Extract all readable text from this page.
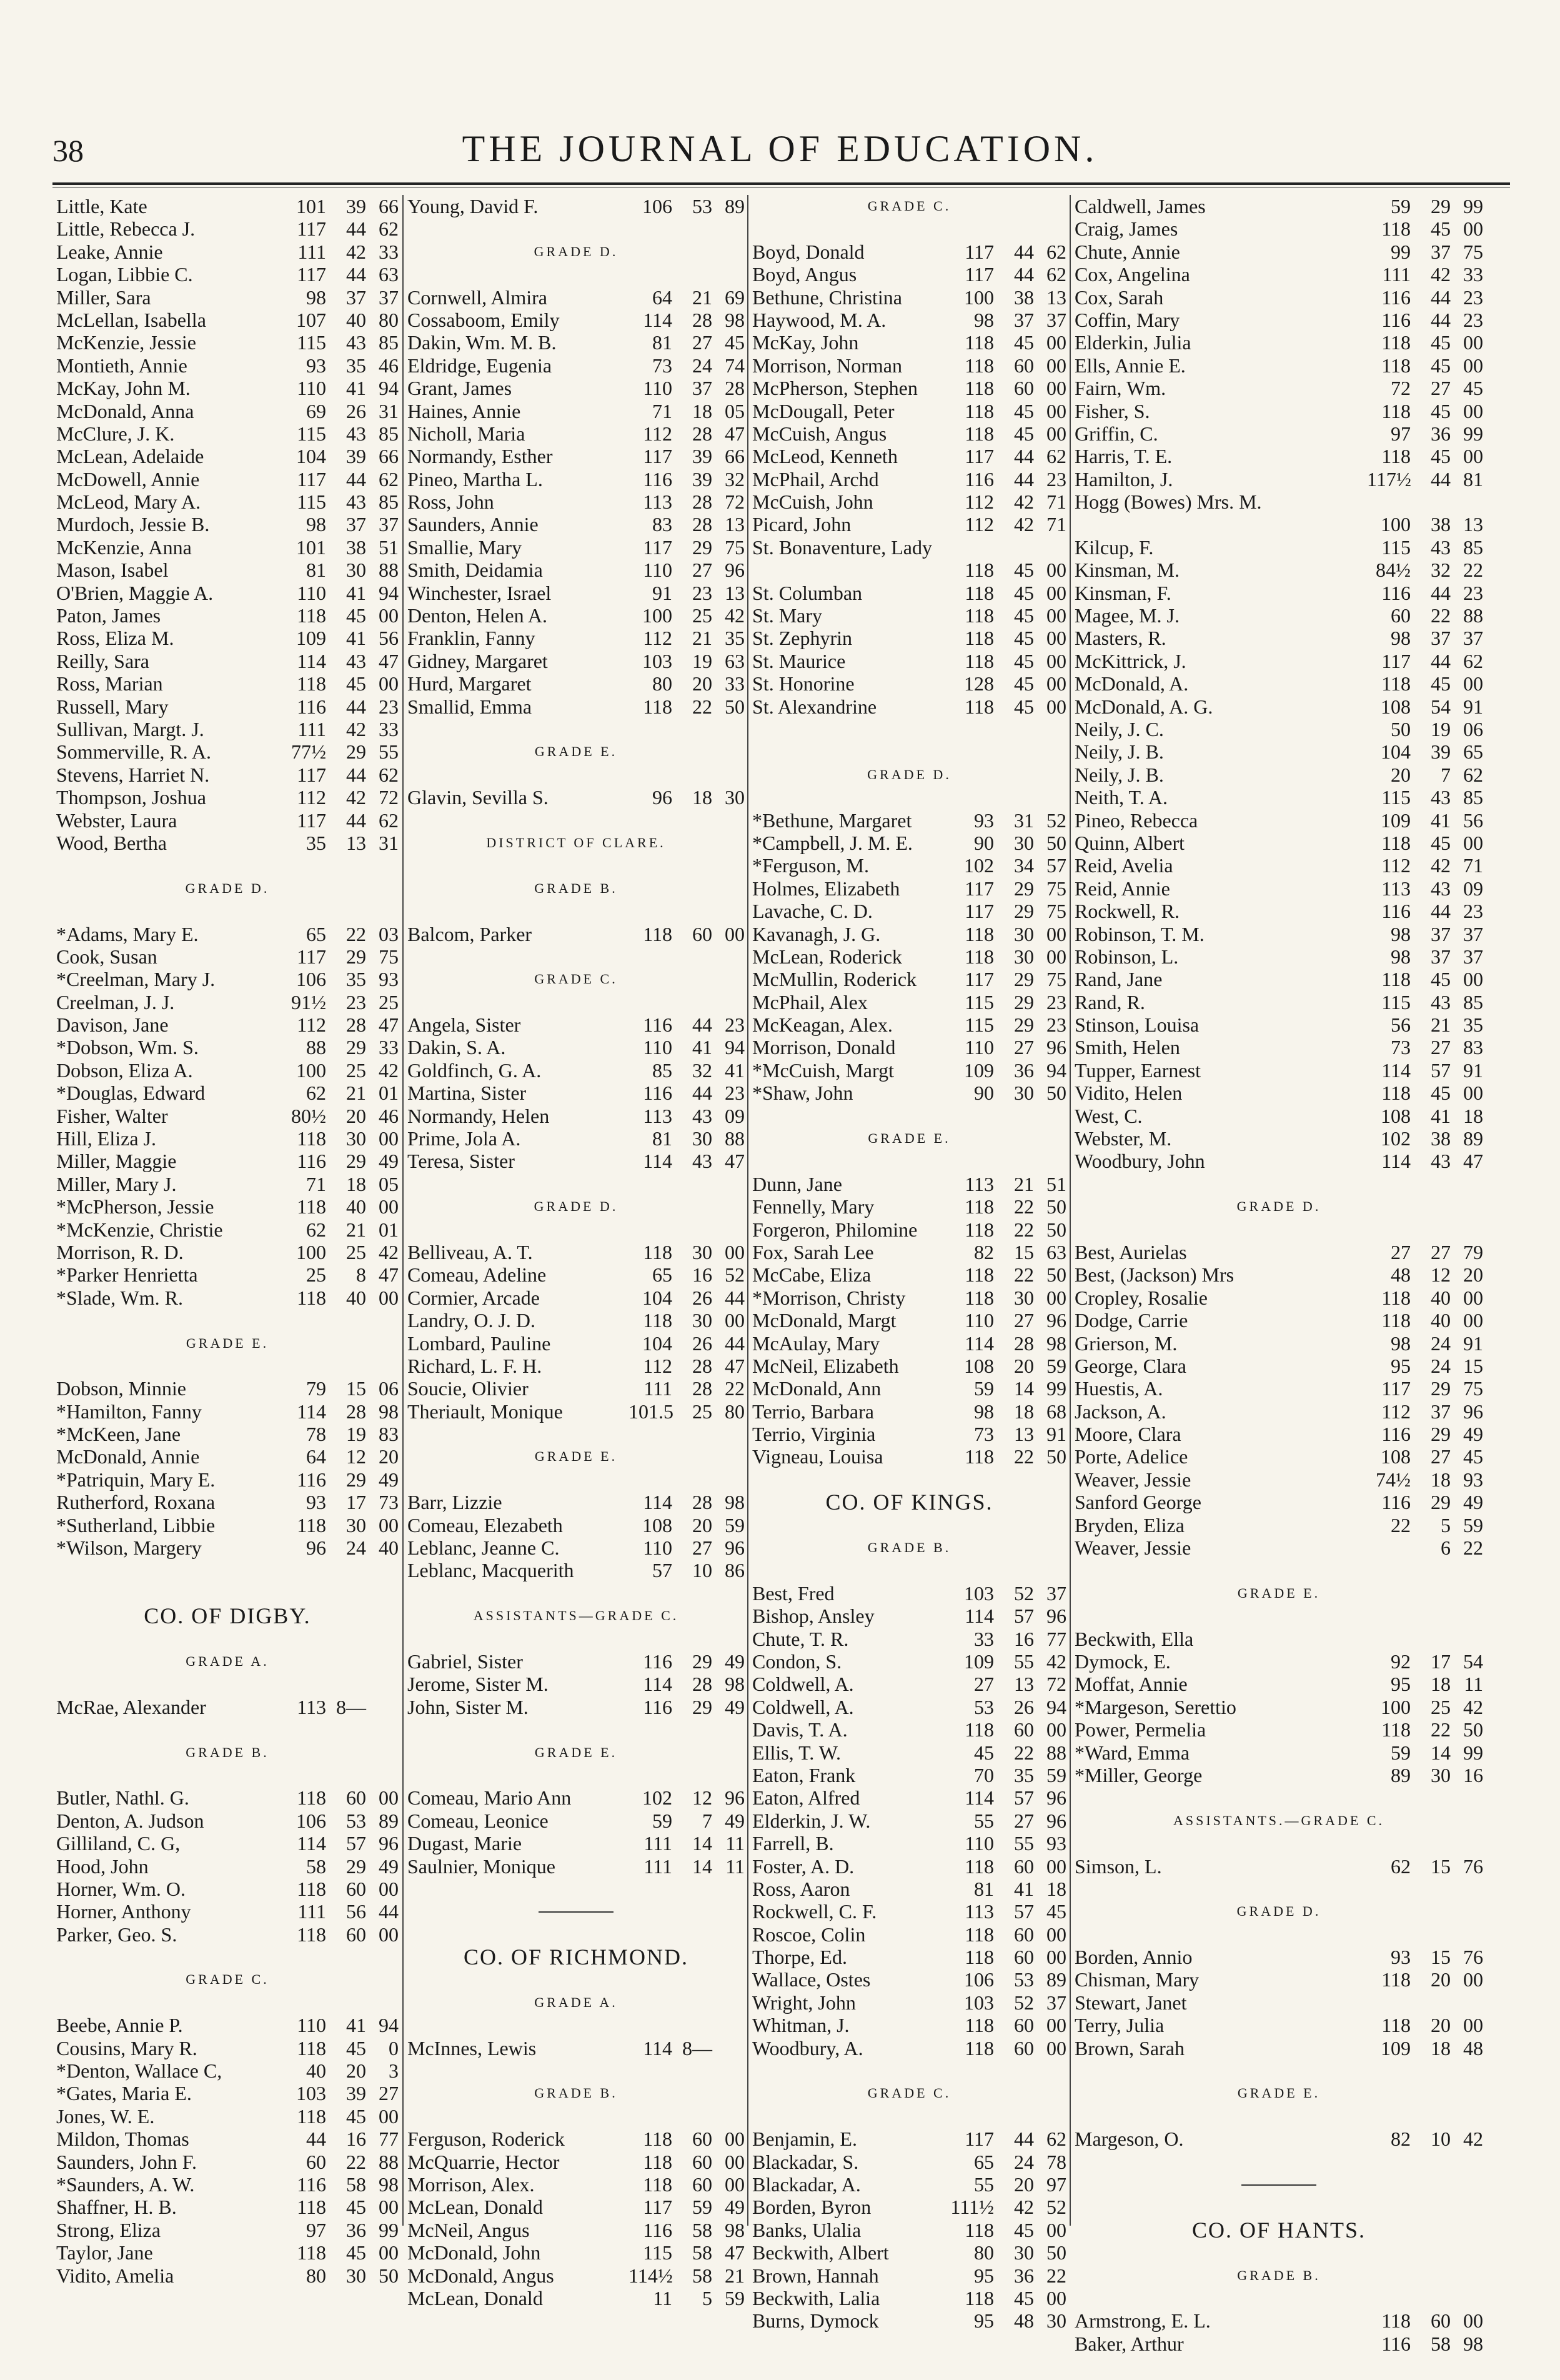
38	THE JOURNAL OF EDUCATION.
Little, Kate	101	39 66
Little, Rebecca J.	117	44 62
Leake, Annie	111	42 33
Logan, Libbie C.	117	44 63
Miller, Sara	98	37 37
McLellan, Isabella	107	40 80
McKenzie, Jessie	115	43 85
Montieth, Annie	93	35 46
McKay, John M.	110	41 94
McDonald, Anna	69	26 31
McClure, J. K.	115	43 85
McLean, Adelaide	104	39 66
McDowell, Annie	117	44 62
McLeod, Mary A.	115	43 85
Murdoch, Jessie B.	98	37 37
McKenzie, Anna	101	38 51
Mason, Isabel	81	30 88
O'Brien, Maggie A.	110	41 94
Paton, James	118	45 00
Ross, Eliza M.	109	41 56
Reilly, Sara	114	43 47
Ross, Marian	118	45 00
Russell, Mary	116	44 23
Sullivan, Margt. J.	111	42 33
Sommerville, R. A.	77½	29 55
Stevens, Harriet N.	117	44 62
Thompson, Joshua	112	42 72
Webster, Laura	117	44 62
Wood, Bertha	35	13 31
GRADE D.
*Adams, Mary E.	65	22 03
Cook, Susan	117	29 75
*Creelman, Mary J.	106	35 93
Creelman, J. J.	91½	23 25
Davison, Jane	112	28 47
*Dobson, Wm. S.	88	29 33
Dobson, Eliza A.	100	25 42
*Douglas, Edward	62	21 01
Fisher, Walter	80½	20 46
Hill, Eliza J.	118	30 00
Miller, Maggie	116	29 49
Miller, Mary J.	71	18 05
*McPherson, Jessie	118	40 00
*McKenzie, Christie	62	21 01
Morrison, R. D.	100	25 42
*Parker Henrietta	25	8 47
*Slade, Wm. R.	118	40 00
GRADE E.
Dobson, Minnie	79	15 06
*Hamilton, Fanny	114	28 98
*McKeen, Jane	78	19 83
McDonald, Annie	64	12 20
*Patriquin, Mary E.	116	29 49
Rutherford, Roxana	93	17 73
*Sutherland, Libbie	118	30 00
*Wilson, Margery	96	24 40
CO. OF DIGBY.
GRADE A.
McRae, Alexander	113 8—
GRADE B.
Butler, Nathl. G.	118	60 00
Denton, A. Judson	106	53 89
Gilliland, C. G,	114	57 96
Hood, John	58	29 49
Horner, Wm. O.	118	60 00
Horner, Anthony	111	56 44
Parker, Geo. S.	118	60 00
GRADE C.
Beebe, Annie P.	110	41 94
Cousins, Mary R.	118	45	0
*Denton, Wallace C,	40	20	3
*Gates, Maria E.	103	39 27
Jones, W. E.	118	45 00
Mildon, Thomas	44	16 77
Saunders, John F.	60	22 88
*Saunders, A. W.	116	58 98
Shaffner, H. B.	118	45 00
Strong, Eliza	97	36 99
Taylor, Jane	118	45 00
Vidito, Amelia	80	30 50
Young, David F.	106	53 89
GRADE D.
Cornwell, Almira	64	21 69
Cossaboom, Emily	114	28 98
Dakin, Wm. M. B.	81	27 45
Eldridge, Eugenia	73	24 74
Grant, James	110	37 28
Haines, Annie	71	18 05
Nicholl, Maria	112	28 47
Normandy, Esther	117	39 66
Pineo, Martha L.	116	39 32
Ross, John	113	28 72
Saunders, Annie	83	28 13
Smallie, Mary	117	29 75
Smith, Deidamia	110	27 96
Winchester, Israel	91	23 13
Denton, Helen A.	100	25 42
Franklin, Fanny	112	21 35
Gidney, Margaret	103	19 63
Hurd, Margaret	80	20 33
Smallid, Emma	118	22 50
GRADE E.
Glavin, Sevilla S.	96	18 30
DISTRICT OF CLARE.
GRADE B.
Balcom, Parker	118	60 00
GRADE C.
Angela, Sister	116	44 23
Dakin, S. A.	110	41 94
Goldfinch, G. A.	85	32 41
Martina, Sister	116	44 23
Normandy, Helen	113	43 09
Prime, Jola A.	81	30 88
Teresa, Sister	114	43 47
GRADE D.
Belliveau, A. T.	118	30 00
Comeau, Adeline	65	16 52
Cormier, Arcade	104	26 44
Landry, O. J. D.	118	30 00
Lombard, Pauline	104	26 44
Richard, L. F. H.	112	28 47
Soucie, Olivier	111	28 22
Theriault, Monique	101.5 25 80
GRADE E.
Barr, Lizzie	114	28 98
Comeau, Elezabeth	108	20 59
Leblanc, Jeanne C.	110	27 96
Leblanc, Macquerith	57	10 86
ASSISTANTS—GRADE C.
Gabriel, Sister	116	29 49
Jerome, Sister M.	114	28 98
John, Sister M.	116	29 49
GRADE E.
Comeau, Mario Ann	102	12 96
Comeau, Leonice	59	7 49
Dugast, Marie	111	14 11
Saulnier, Monique	111	14 11
CO. OF RICHMOND.
GRADE A.
McInnes, Lewis	114 8—
GRADE B.
Ferguson, Roderick	118	60 00
McQuarrie, Hector	118	60 00
Morrison, Alex.	118	60 00
McLean, Donald	117	59 49
McNeil, Angus	116	58 98
McDonald, John	115	58 47
McDonald, Angus	114½ 58 21
McLean, Donald	11	5 59
GRADE C.
Boyd, Donald	117	44 62
Boyd, Angus	117	44 62
Bethune, Christina	100	38 13
Haywood, M. A.	98	37 37
McKay, John	118	45 00
Morrison, Norman	118	60 00
McPherson, Stephen	118	60 00
McDougall, Peter	118	45 00
McCuish, Angus	118	45 00
McLeod, Kenneth	117	44 62
McPhail, Archd	116	44 23
McCuish, John	112	42 71
Picard, John	112	42 71
St. Bonaventure, Lady
118	45 00
St. Columban	118	45 00
St. Mary	118	45 00
St. Zephyrin	118	45 00
St. Maurice	118	45 00
St. Honorine	128	45 00
St. Alexandrine	118	45 00
GRADE D.
*Bethune, Margaret	93	31 52
*Campbell, J. M. E.	90	30 50
*Ferguson, M.	102	34 57
Holmes, Elizabeth	117	29 75
Lavache, C. D.	117	29 75
Kavanagh, J. G.	118	30 00
McLean, Roderick	118	30 00
McMullin, Roderick	117	29 75
McPhail, Alex	115	29 23
McKeagan, Alex.	115	29 23
Morrison, Donald	110	27 96
*McCuish, Margt	109	36 94
*Shaw, John	90	30 50
GRADE E.
Dunn, Jane	113	21 51
Fennelly, Mary	118	22 50
Forgeron, Philomine	118	22 50
Fox, Sarah Lee	82	15 63
McCabe, Eliza	118	22 50
*Morrison, Christy	118	30 00
McDonald, Margt	110	27 96
McAulay, Mary	114	28 98
McNeil, Elizabeth	108	20 59
McDonald, Ann	59	14 99
Terrio, Barbara	98	18 68
Terrio, Virginia	73	13 91
Vigneau, Louisa	118	22 50
CO. OF KINGS.
GRADE B.
Best, Fred	103	52 37
Bishop, Ansley	114	57 96
Chute, T. R.	33	16 77
Condon, S.	109	55 42
Coldwell, A.	27	13 72
Coldwell, A.	53	26 94
Davis, T. A.	118	60 00
Ellis, T. W.	45	22 88
Eaton, Frank	70	35 59
Eaton, Alfred	114	57 96
Elderkin, J. W.	55	27 96
Farrell, B.	110	55 93
Foster, A. D.	118	60 00
Ross, Aaron	81	41 18
Rockwell, C. F.	113	57 45
Roscoe, Colin	118	60 00
Thorpe, Ed.	118	60 00
Wallace, Ostes	106	53 89
Wright, John	103	52 37
Whitman, J.	118	60 00
Woodbury, A.	118	60 00
GRADE C.
Benjamin, E.	117	44 62
Blackadar, S.	65	24 78
Blackadar, A.	55	20 97
Borden, Byron	111½	42 52
Banks, Ulalia	118	45 00
Beckwith, Albert	80	30 50
Brown, Hannah	95	36 22
Beckwith, Lalia	118	45 00
Burns, Dymock	95	48 30
Caldwell, James	59	29 99
Craig, James	118	45 00
Chute, Annie	99	37 75
Cox, Angelina	111	42 33
Cox, Sarah	116	44 23
Coffin, Mary	116	44 23
Elderkin, Julia	118	45 00
Ells, Annie E.	118	45 00
Fairn, Wm.	72	27 45
Fisher, S.	118	45 00
Griffin, C.	97	36 99
Harris, T. E.	118	45 00
Hamilton, J.	117½ 44 81
Hogg (Bowes) Mrs. M.
100	38 13
Kilcup, F.	115	43 85
Kinsman, M.	84½	32 22
Kinsman, F.	116	44 23
Magee, M. J.	60	22 88
Masters, R.	98	37 37
McKittrick, J.	117	44 62
McDonald, A.	118	45 00
McDonald, A. G.	108	54 91
Neily, J. C.	50	19 06
Neily, J. B.	104	39 65
Neily, J. B.	20	7 62
Neith, T. A.	115	43 85
Pineo, Rebecca	109	41 56
Quinn, Albert	118	45 00
Reid, Avelia	112	42 71
Reid, Annie	113	43 09
Rockwell, R.	116	44 23
Robinson, T. M.	98	37 37
Robinson, L.	98	37 37
Rand, Jane	118	45 00
Rand, R.	115	43 85
Stinson, Louisa	56	21 35
Smith, Helen	73	27 83
Tupper, Earnest	114	57 91
Vidito, Helen	118	45 00
West, C.	108	41 18
Webster, M.	102	38 89
Woodbury, John	114	43 47
GRADE D.
Best, Aurielas	27	27 79
Best, (Jackson) Mrs	48	12 20
Cropley, Rosalie	118	40 00
Dodge, Carrie	118	40 00
Grierson, M.	98	24 91
George, Clara	95	24 15
Huestis, A.	117	29 75
Jackson, A.	112	37 96
Moore, Clara	116	29 49
Porte, Adelice	108	27 45
Weaver, Jessie	74½	18 93
Sanford George	116	29 49
Bryden, Eliza	22	5 59
Weaver, Jessie	6 22
GRADE E.
Beckwith, Ella
Dymock, E.	92	17 54
Moffat, Annie	95	18 11
*Margeson, Serettio	100	25 42
Power, Permelia	118	22 50
*Ward, Emma	59	14 99
*Miller, George	89	30 16
ASSISTANTS.—GRADE C.
Simson, L.	62	15 76
GRADE D.
Borden, Annio	93	15 76
Chisman, Mary	118	20 00
Stewart, Janet
Terry, Julia	118	20 00
Brown, Sarah	109	18 48
GRADE E.
Margeson, O.	82	10 42
CO. OF HANTS.
GRADE B.
Armstrong, E. L.	118	60 00
Baker, Arthur	116	58 98
